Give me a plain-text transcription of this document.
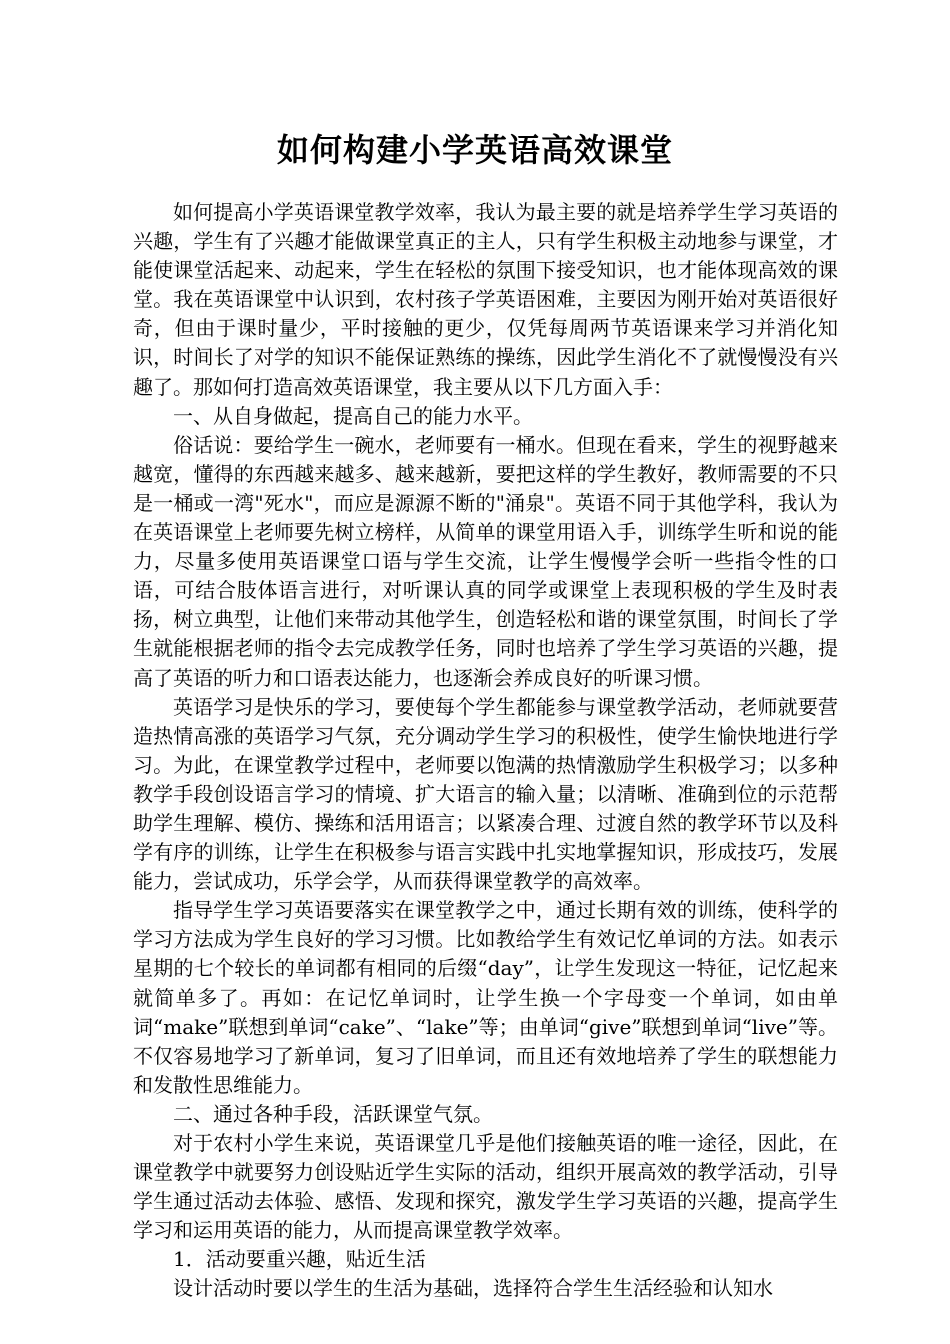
如何构建小学英语高效课堂

如何提高小学英语课堂教学效率，我认为最主要的就是培养学生学习英语的兴趣，学生有了兴趣才能做课堂真正的主人，只有学生积极主动地参与课堂，才能使课堂活起来、动起来，学生在轻松的氛围下接受知识，也才能体现高效的课堂。我在英语课堂中认识到，农村孩子学英语困难，主要因为刚开始对英语很好奇，但由于课时量少，平时接触的更少，仅凭每周两节英语课来学习并消化知识，时间长了对学的知识不能保证熟练的操练，因此学生消化不了就慢慢没有兴趣了。那如何打造高效英语课堂，我主要从以下几方面入手：

一、从自身做起，提高自己的能力水平。

俗话说：要给学生一碗水，老师要有一桶水。但现在看来，学生的视野越来越宽，懂得的东西越来越多、越来越新，要把这样的学生教好，教师需要的不只是一桶或一湾"死水"，而应是源源不断的"涌泉"。英语不同于其他学科，我认为在英语课堂上老师要先树立榜样，从简单的课堂用语入手，训练学生听和说的能力，尽量多使用英语课堂口语与学生交流，让学生慢慢学会听一些指令性的口语，可结合肢体语言进行，对听课认真的同学或课堂上表现积极的学生及时表扬，树立典型，让他们来带动其他学生，创造轻松和谐的课堂氛围，时间长了学生就能根据老师的指令去完成教学任务，同时也培养了学生学习英语的兴趣，提高了英语的听力和口语表达能力，也逐渐会养成良好的听课习惯。

英语学习是快乐的学习，要使每个学生都能参与课堂教学活动，老师就要营造热情高涨的英语学习气氛，充分调动学生学习的积极性，使学生愉快地进行学习。为此，在课堂教学过程中，老师要以饱满的热情激励学生积极学习；以多种教学手段创设语言学习的情境、扩大语言的输入量；以清晰、准确到位的示范帮助学生理解、模仿、操练和活用语言；以紧凑合理、过渡自然的教学环节以及科学有序的训练，让学生在积极参与语言实践中扎实地掌握知识，形成技巧，发展能力，尝试成功，乐学会学，从而获得课堂教学的高效率。

指导学生学习英语要落实在课堂教学之中，通过长期有效的训练，使科学的学习方法成为学生良好的学习习惯。比如教给学生有效记忆单词的方法。如表示星期的七个较长的单词都有相同的后缀“day”，让学生发现这一特征，记忆起来就简单多了。再如：在记忆单词时，让学生换一个字母变一个单词，如由单词“make”联想到单词“cake”、“lake”等；由单词“give”联想到单词“live”等。不仅容易地学习了新单词，复习了旧单词，而且还有效地培养了学生的联想能力和发散性思维能力。

二、通过各种手段，活跃课堂气氛。

对于农村小学生来说，英语课堂几乎是他们接触英语的唯一途径，因此，在课堂教学中就要努力创设贴近学生实际的活动，组织开展高效的教学活动，引导学生通过活动去体验、感悟、发现和探究，激发学生学习英语的兴趣，提高学生学习和运用英语的能力，从而提高课堂教学效率。

1．活动要重兴趣，贴近生活

设计活动时要以学生的生活为基础，选择符合学生生活经验和认知水
